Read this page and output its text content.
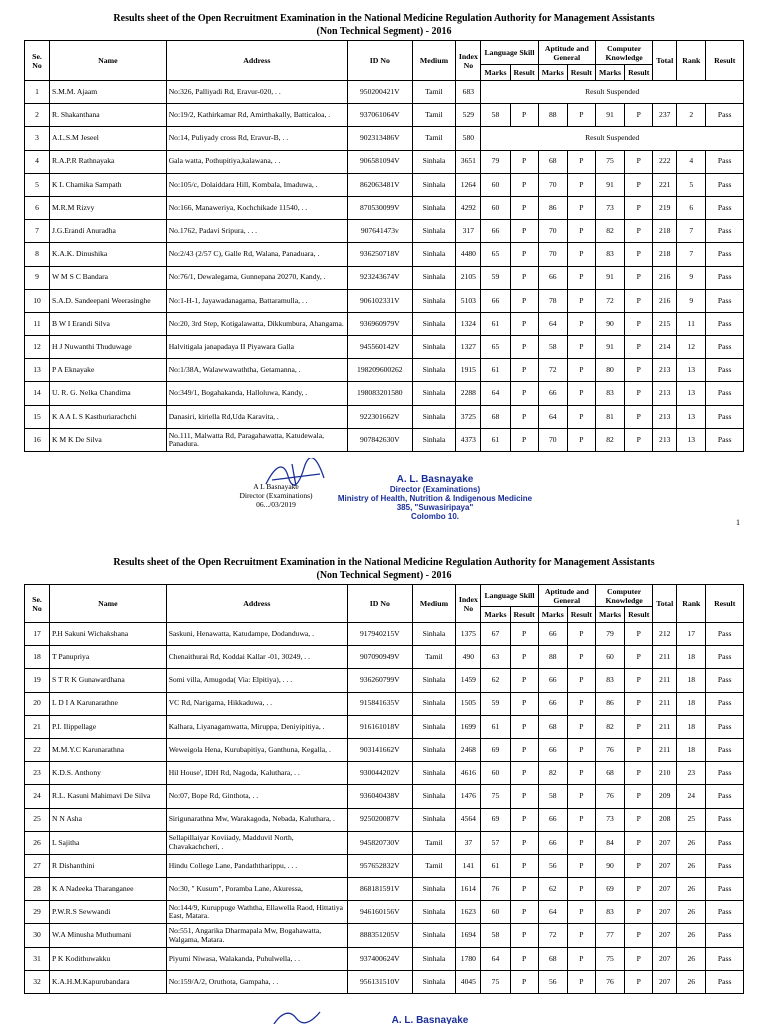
Results sheet of the Open Recruitment Examination in the National Medicine Regulation Authority for Management Assistants
(Non Technical Segment) - 2016
Se. No	Name	Address	ID No	Medium	Index No	Language Skill		Aptitude and General		Computer Knowledge		Total	Rank	Result
						Marks	Result	Marks	Result	Marks	Result			
1	S.M.M. Ajaam	No:326, Palliyadi Rd, Eravur-020, . .	950200421V	Tamil	683	Result Suspended								
2	R. Shakanthana	No:19/2, Kathirkamar Rd, Amirthakally, Batticaloa, .	937061064V	Tamil	529	58	P	88	P	91	P	237	2	Pass
3	A.L.S.M Jeseel	No:14, Puliyady cross Rd, Eravur-B, . .	902313486V	Tamil	580	Result Suspended								
4	R.A.P.R Rathnayaka	Gala watta, Pothupitiya,kalawana, . .	906581094V	Sinhala	3651	79	P	68	P	75	P	222	4	Pass
5	K L Chamika Sampath	No:105/c, Dolaiddara Hill, Kombala, Imaduwa, .	862063481V	Sinhala	1264	60	P	70	P	91	P	221	5	Pass
6	M.R.M Rizvy	No:166, Manaweriya, Kochchikade 11540, . .	870530099V	Sinhala	4292	60	P	86	P	73	P	219	6	Pass
7	J.G.Erandi Anuradha	No.1762, Padavi Sripura, . . .	907641473v	Sinhala	317	66	P	70	P	82	P	218	7	Pass
8	K.A.K. Dinushika	No:2/43 (2/57 C), Galle Rd, Walana, Panaduara, .	936250718V	Sinhala	4480	65	P	70	P	83	P	218	7	Pass
9	W M S C Bandara	No:76/1, Dewalegama, Gunnepana 20270, Kandy, .	923243674V	Sinhala	2105	59	P	66	P	91	P	216	9	Pass
10	S.A.D. Sandeepani Weerasinghe	No:1-H-1, Jayawadanagama, Battaramulla, . .	906102331V	Sinhala	5103	66	P	78	P	72	P	216	9	Pass
11	B W I Erandi Silva	No:20, 3rd Step, Kotigalawatta, Dikkumbura, Ahangama.	936960979V	Sinhala	1324	61	P	64	P	90	P	215	11	Pass
12	H J Nuwanthi Thuduwage	Halvitigala janapadaya II Piyawara Galla	945560142V	Sinhala	1327	65	P	58	P	91	P	214	12	Pass
13	P A Eknayake	No:1/38A, Walawwawaththa, Getamanna, .	198209600262	Sinhala	1915	61	P	72	P	80	P	213	13	Pass
14	U. R. G. Nelka Chandima	No:349/1, Bogahakanda, Halloluwa, Kandy, .	198083201580	Sinhala	2288	64	P	66	P	83	P	213	13	Pass
15	K A A L S Kasthuriarachchi	Danasiri, kiriella Rd,Uda Karavita, .	922301662V	Sinhala	3725	68	P	64	P	81	P	213	13	Pass
16	K M K De Silva	No.111, Malwatta Rd, Paragahawatta, Katudewala, Panadura.	907842630V	Sinhala	4373	61	P	70	P	82	P	213	13	Pass
A L Basnayake
Director (Examinations)
06.../03/2019
A. L. Basnayake
Director (Examinations)
Ministry of Health, Nutrition & Indigenous Medicine
385, "Suwasiripaya"
Colombo 10.
1
Results sheet of the Open Recruitment Examination in the National Medicine Regulation Authority for Management Assistants
(Non Technical Segment) - 2016
Se. No	Name	Address	ID No	Medium	Index No	Language Skill		Aptitude and General		Computer Knowledge		Total	Rank	Result
						Marks	Result	Marks	Result	Marks	Result			
17	P.H Sakuni Wichakshana	Saskuni, Henawatta, Katudampe, Dodanduwa, .	917940215V	Sinhala	1375	67	P	66	P	79	P	212	17	Pass
18	T Panupriya	Chenaithurai Rd, Koddai Kallar -01, 30249, . .	907090949V	Tamil	490	63	P	88	P	60	P	211	18	Pass
19	S T R K Gunawardhana	Somi villa, Amugoda( Via: Elpitiya), . . .	936260799V	Sinhala	1459	62	P	66	P	83	P	211	18	Pass
20	L D I A Karunarathne	VC Rd, Narigama, Hikkaduwa, . .	915841635V	Sinhala	1505	59	P	66	P	86	P	211	18	Pass
21	P.I. Ilippellage	Kalhara, Liyanagamwatta, Miruppa, Deniyipitiya, .	916161018V	Sinhala	1699	61	P	68	P	82	P	211	18	Pass
22	M.M.Y.C Karunarathna	Weweigola Hena, Kurubapitiya, Ganthuna, Kegalla, .	903141662V	Sinhala	2468	69	P	66	P	76	P	211	18	Pass
23	K.D.S. Anthony	Hil House', IDH Rd, Nagoda, Kaluthara, . .	930044202V	Sinhala	4616	60	P	82	P	68	P	210	23	Pass
24	R.L. Kasuni Mahimavi De Silva	No:07, Bope Rd, Ginthota, . .	936040438V	Sinhala	1476	75	P	58	P	76	P	209	24	Pass
25	N N Asha	Sirigunarathna Mw, Warakagoda, Nebada, Kaluthara, .	925020087V	Sinhala	4564	69	P	66	P	73	P	208	25	Pass
26	L Sajitha	Sellapillaiyar Koviiady, Madduvil North, Chavakachcheri, .	945820730V	Tamil	37	57	P	66	P	84	P	207	26	Pass
27	R Dishanthini	Hindu College Lane, Pandaththarippu, . . .	957652832V	Tamil	141	61	P	56	P	90	P	207	26	Pass
28	K A Nadeeka Tharanganee	No:30, " Kusum", Poramba Lane, Akuressa,	868181591V	Sinhala	1614	76	P	62	P	69	P	207	26	Pass
29	P.W.R.S Sewwandi	No:144/9, Kuruppuge Waththa, Ellawella Raod, Hittatiya East, Matara.	946160156V	Sinhala	1623	60	P	64	P	83	P	207	26	Pass
30	W.A Minusha Muthumani	No:551, Angarika Dharmapala Mw, Bogahawatta, Walgama, Matara.	888351205V	Sinhala	1694	58	P	72	P	77	P	207	26	Pass
31	P K Kodithuwakku	Piyumi Niwasa, Walakanda, Puhulwella, . .	937400624V	Sinhala	1780	64	P	68	P	75	P	207	26	Pass
32	K.A.H.M.Kapurubandara	No:159/A/2, Oruthota, Gampaha, . .	956131510V	Sinhala	4045	75	P	56	P	76	P	207	26	Pass
A. L. Basnayake
